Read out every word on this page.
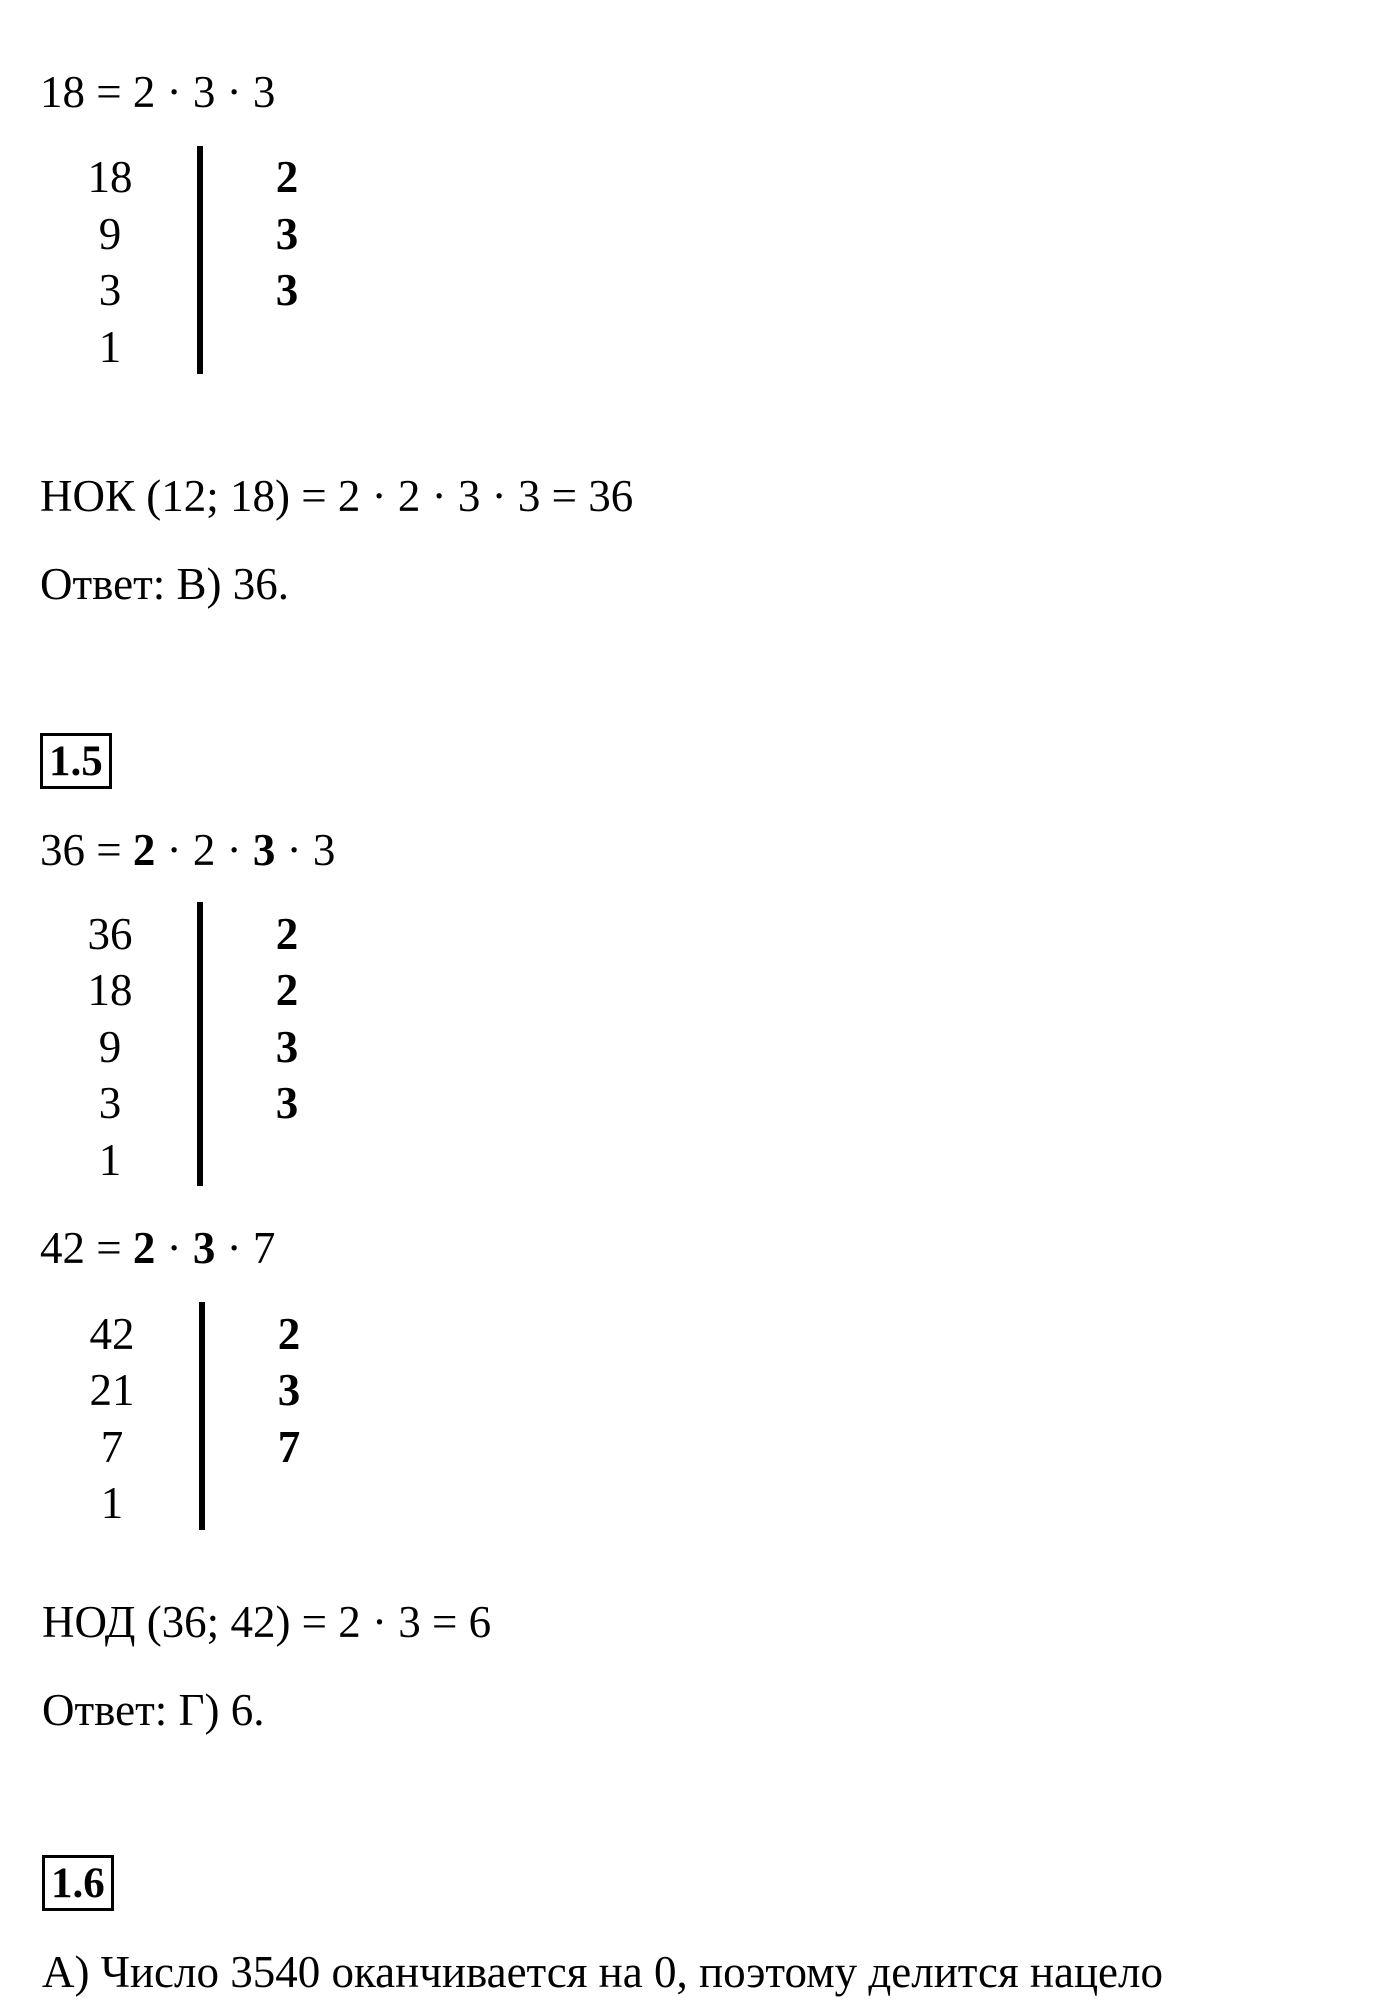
18 = 2 · 3 · 3
18
9
3
1
2
3
3
НОК (12; 18) = 2 · 2 · 3 · 3 = 36
Ответ: В) 36.
1.5
36 = 2 · 2 · 3 · 3
36
18
9
3
1
2
2
3
3
42 = 2 · 3 · 7
42
21
7
1
2
3
7
НОД (36; 42) = 2 · 3 = 6
Ответ: Г) 6.
1.6
А) Число 3540 оканчивается на 0, поэтому делится нацело
